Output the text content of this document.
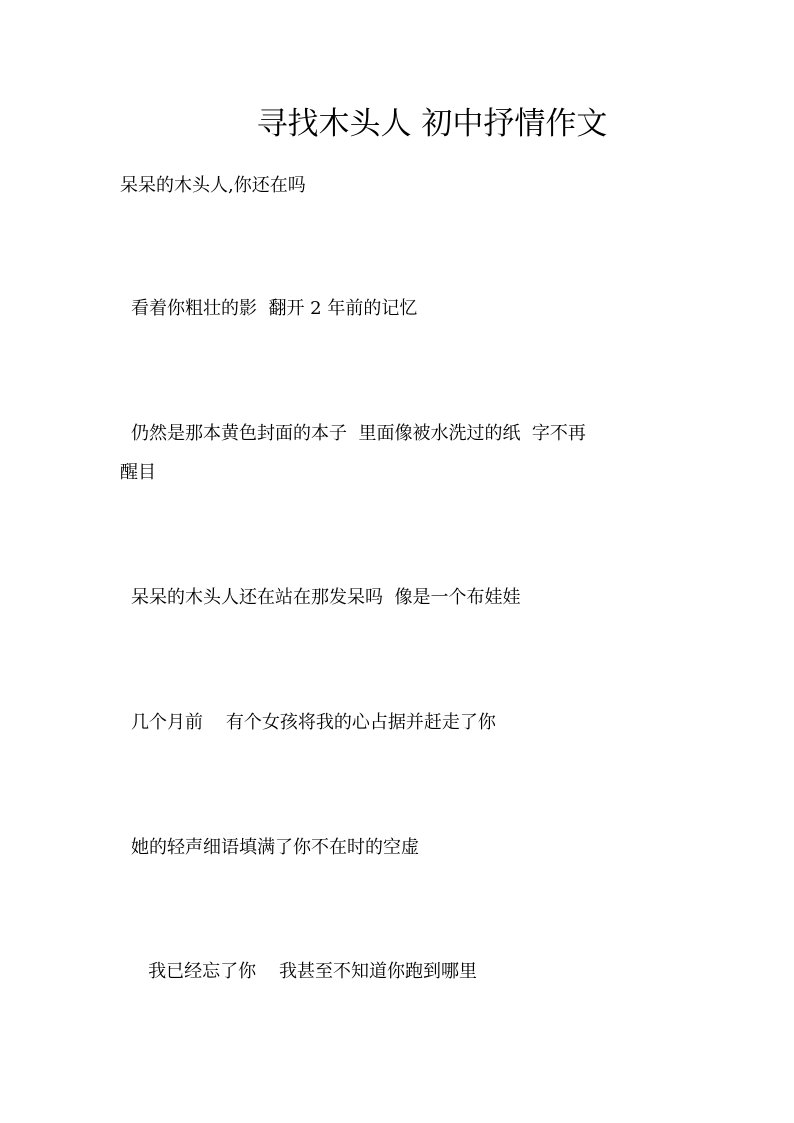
寻找木头人 初中抒情作文
呆呆的木头人,你还在吗
看着你粗壮的影  翻开 2 年前的记忆
仍然是那本黄色封面的本子  里面像被水洗过的纸  字不再
醒目
呆呆的木头人还在站在那发呆吗  像是一个布娃娃
几个月前    有个女孩将我的心占据并赶走了你
她的轻声细语填满了你不在时的空虚
我已经忘了你    我甚至不知道你跑到哪里
